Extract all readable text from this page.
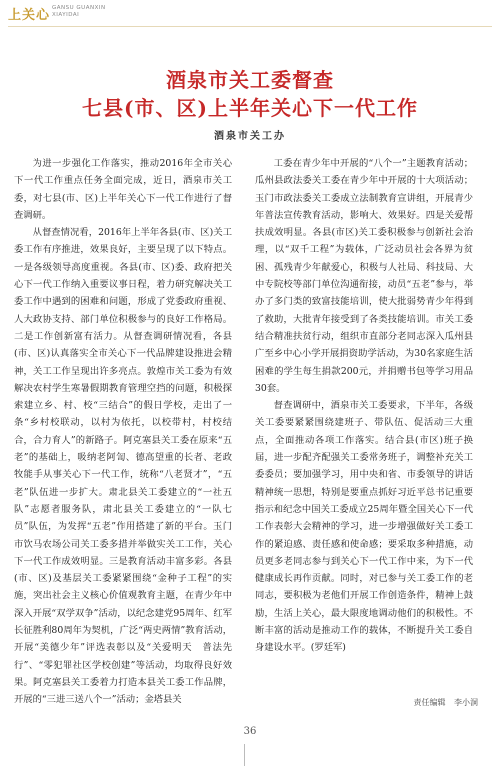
上关心 GANSU GUANXIN
XIAYIDAI
酒泉市关工委督查
七县(市、区)上半年关心下一代工作
酒泉市关工办

为进一步强化工作落实，推动2016年全市关心下一代工作重点任务全面完成，近日，酒泉市关工委，对七县(市、区)上半年关心下一代工作进行了督查调研。

从督查情况看，2016年上半年各县(市、区)关工委工作有序推进，效果良好，主要呈现了以下特点。一是各级领导高度重视。各县(市、区)委、政府把关心下一代工作纳入重要议事日程，着力研究解决关工委工作中遇到的困难和问题，形成了党委政府重视、人大政协支持、部门单位积极参与的良好工作格局。二是工作创新富有活力。从督查调研情况看，各县(市、区)认真落实全市关心下一代品牌建设推进会精神，关工工作呈现出许多亮点。敦煌市关工委为有效解决农村学生寒暑假期教育管理空挡的问题，积极探索建立乡、村、校“三结合”的假日学校，走出了一条“乡村校联动，以村为依托，以校带村，村校结合，合力育人”的新路子。阿克塞县关工委在原来“五老”的基础上，吸纳老阿訇、德高望重的长者、老政牧能手从事关心下一代工作，统称“八老贤才”，“五老”队伍进一步扩大。肃北县关工委建立的“一社五队”志愿者服务队，肃北县关工委建立的“一队七员”队伍，为发挥“五老”作用搭建了新的平台。玉门市饮马农场公司关工委多措并举做实关工工作，关心下一代工作成效明显。三是教育活动丰富多彩。各县(市、区)及基层关工委紧紧围绕“金种子工程”的实施，突出社会主义核心价值观教育主题，在青少年中深入开展“双学双争”活动，以纪念建党95周年、红军长征胜利80周年为契机，广泛“两史两情”教育活动，开展“美德少年”评选表彰以及“关爱明天　普法先行”、“零犯罪社区学校创建”等活动，均取得良好效果。阿克塞县关工委着力打造本县关工委工作品牌，开展的“三进三送八个一”活动；金塔县关

工委在青少年中开展的“八个一”主题教育活动；瓜州县政法委关工委在青少年中开展的十大项活动；玉门市政法委关工委成立法制教育宣讲组，开展青少年普法宣传教育活动，影响大、效果好。四是关爱帮扶成效明显。各县(市区)关工委积极参与创新社会治理，以“双千工程”为载体，广泛动员社会各界为贫困、孤残青少年献爱心，积极与人社局、科技局、大中专院校等部门单位沟通衔接，动员“五老”参与，举办了多门类的致富技能培训，使大批弱势青少年得到了救助，大批青年接受到了各类技能培训。市关工委结合精准扶贫行动，组织市直部分老同志深入瓜州县广至乡中心小学开展捐资助学活动，为30名家庭生活困难的学生每生捐款200元，并捐赠书包等学习用品30套。

督查调研中，酒泉市关工委要求，下半年，各级关工委要紧紧围绕建班子、带队伍、促活动三大重点，全面推动各项工作落实。结合县(市区)班子换届，进一步配齐配强关工委常务班子，调整补充关工委委员；要加强学习，用中央和省、市委领导的讲话精神统一思想，特别是要重点抓好习近平总书记重要指示和纪念中国关工委成立25周年暨全国关心下一代工作表彰大会精神的学习，进一步增强做好关工委工作的紧迫感、责任感和使命感；要采取多种措施，动员更多老同志参与到关心下一代工作中来，为下一代健康成长再作贡献。同时，对已参与关工委工作的老同志，要积极为老他们开展工作创造条件，精神上鼓励，生活上关心，最大限度地调动他们的积极性。不断丰富的活动是推动工作的载体，不断提升关工委自身建设水平。(罗廷军)

责任编辑 李小洞
36
